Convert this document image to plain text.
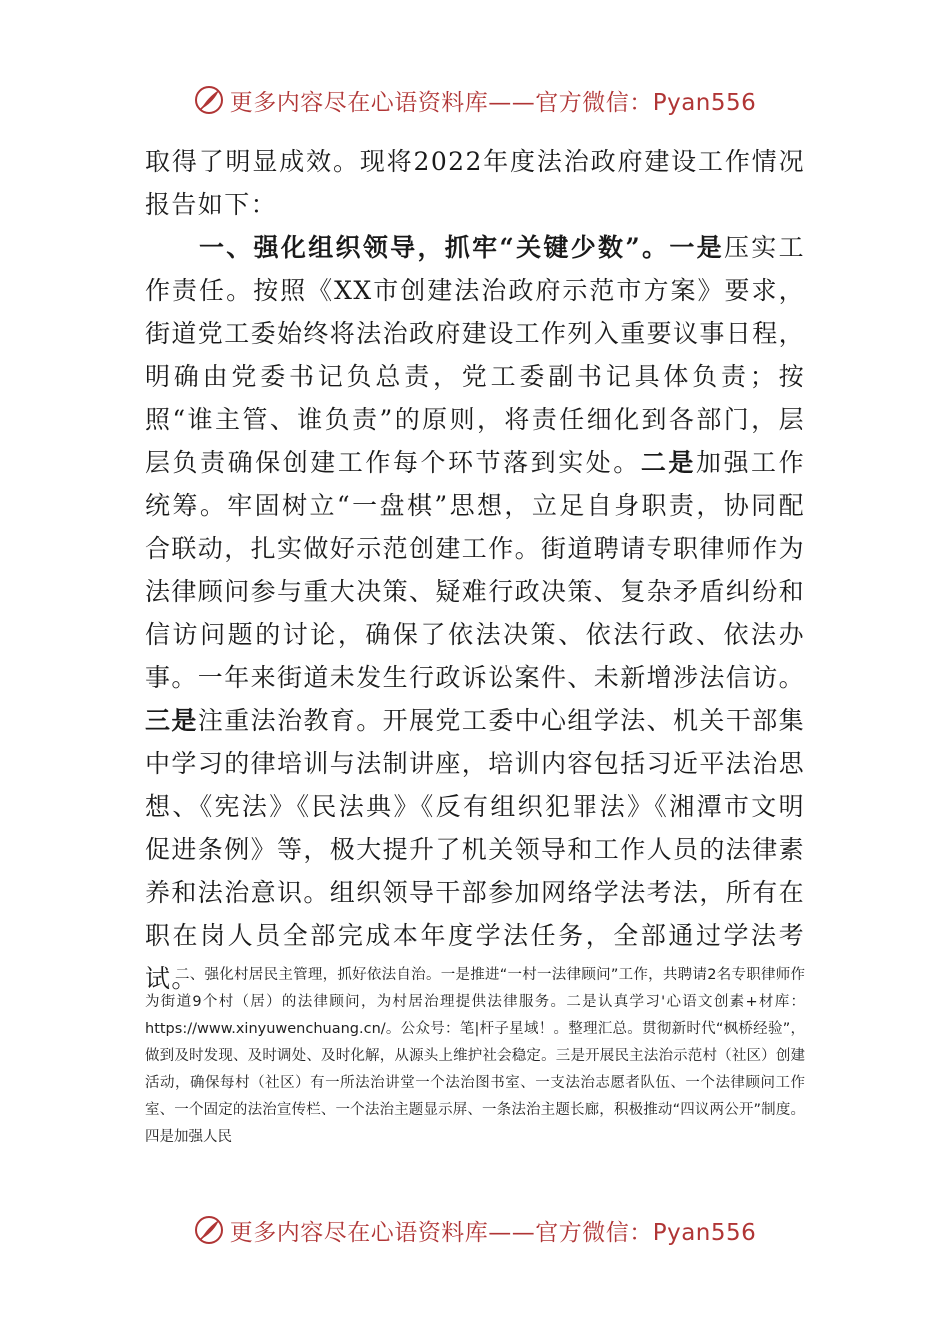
更多内容尽在心语资料库——官方微信：Pyan556

取得了明显成效。现将2022年度法治政府建设工作情况报告如下：

一、强化组织领导，抓牢“关键少数”。一是压实工作责任。按照《XX市创建法治政府示范市方案》要求，街道党工委始终将法治政府建设工作列入重要议事日程，明确由党委书记负总责，党工委副书记具体负责；按照“谁主管、谁负责”的原则，将责任细化到各部门，层层负责确保创建工作每个环节落到实处。二是加强工作统筹。牢固树立“一盘棋”思想，立足自身职责，协同配合联动，扎实做好示范创建工作。街道聘请专职律师作为法律顾问参与重大决策、疑难行政决策、复杂矛盾纠纷和信访问题的讨论，确保了依法决策、依法行政、依法办事。一年来街道未发生行政诉讼案件、未新增涉法信访。三是注重法治教育。开展党工委中心组学法、机关干部集中学习的律培训与法制讲座，培训内容包括习近平法治思想、《宪法》《民法典》《反有组织犯罪法》《湘潭市文明促进条例》等，极大提升了机关领导和工作人员的法律素养和法治意识。组织领导干部参加网络学法考法，所有在职在岗人员全部完成本年度学法任务，全部通过学法考试。

二、强化村居民主管理，抓好依法自治。一是推进“一村一法律顾问”工作，共聘请2名专职律师作为街道9个村（居）的法律顾问，为村居治理提供法律服务。二是认真学习'心语文创素+材库：https://www.xinyuwenchuang.cn/。公众号：笔|杆子星域！。整理汇总。贯彻新时代“枫桥经验”，做到及时发现、及时调处、及时化解，从源头上维护社会稳定。三是开展民主法治示范村（社区）创建活动，确保每村（社区）有一所法治讲堂一个法治图书室、一支法治志愿者队伍、一个法律顾问工作室、一个固定的法治宣传栏、一个法治主题显示屏、一条法治主题长廊，积极推动“四议两公开”制度。四是加强人民

更多内容尽在心语资料库——官方微信：Pyan556
